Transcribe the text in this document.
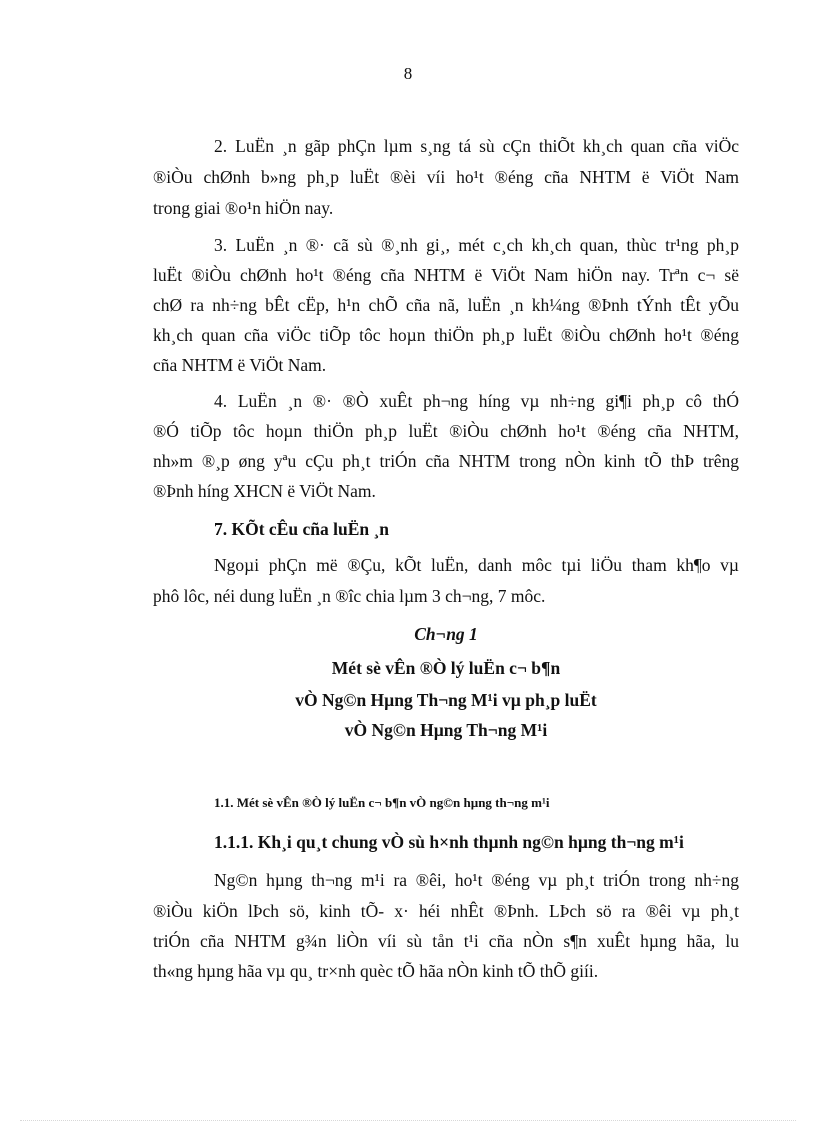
8
2. LuËn ¸n gãp phÇn lµm s¸ng tá sù cÇn thiÕt kh¸ch quan cña viÖc
®iÒu chØnh b»ng ph¸p luËt ®èi víi ho¹t ®éng cña NHTM ë ViÖt Nam
trong giai ®o¹n hiÖn nay.
3. LuËn ¸n ®· cã sù ®¸nh gi¸, mét c¸ch kh¸ch quan, thùc tr¹ng ph¸p
luËt ®iÒu chØnh ho¹t ®éng cña NHTM ë ViÖt Nam hiÖn nay. Trªn c¬ së
chØ ra nh÷ng bÊt cËp, h¹n chÕ cña nã, luËn ¸n kh¼ng ®Þnh tÝnh tÊt yÕu
kh¸ch quan cña viÖc tiÕp tôc hoµn thiÖn ph¸p luËt ®iÒu chØnh ho¹t ®éng
cña NHTM ë ViÖt Nam.
4. LuËn ¸n ®· ®Ò xuÊt ph¬ng híng vµ nh÷ng gi¶i ph¸p cô thÓ
®Ó tiÕp tôc hoµn thiÖn ph¸p luËt ®iÒu chØnh ho¹t ®éng cña NHTM,
nh»m ®¸p øng yªu cÇu ph¸t triÓn cña NHTM trong nÒn kinh tÕ thÞ trêng
®Þnh híng XHCN ë ViÖt Nam.
7. KÕt cÊu cña luËn ¸n
Ngoµi phÇn më ®Çu, kÕt luËn, danh môc tµi liÖu tham kh¶o vµ
phô lôc, néi dung luËn ¸n ®îc chia lµm 3 ch¬ng, 7 môc.
Ch¬ng 1
Mét sè vÊn ®Ò lý luËn c¬ b¶n
vÒ Ng©n Hµng Th¬ng M¹i vµ ph¸p luËt
vÒ Ng©n Hµng Th¬ng M¹i
1.1. Mét sè vÊn ®Ò lý luËn c¬ b¶n vÒ ng©n hµng th¬ng m¹i
1.1.1. Kh¸i qu¸t chung vÒ sù h×nh thµnh ng©n hµng th¬ng m¹i
Ng©n hµng th¬ng m¹i ra ®êi, ho¹t ®éng vµ ph¸t triÓn trong nh÷ng
®iÒu kiÖn lÞch sö, kinh tÕ- x· héi nhÊt ®Þnh. LÞch sö ra ®êi vµ ph¸t
triÓn cña NHTM g¾n liÒn víi sù tån t¹i cña nÒn s¶n xuÊt hµng hãa, lu
th«ng hµng hãa vµ qu¸ tr×nh quèc tÕ hãa nÒn kinh tÕ thÕ giíi.
